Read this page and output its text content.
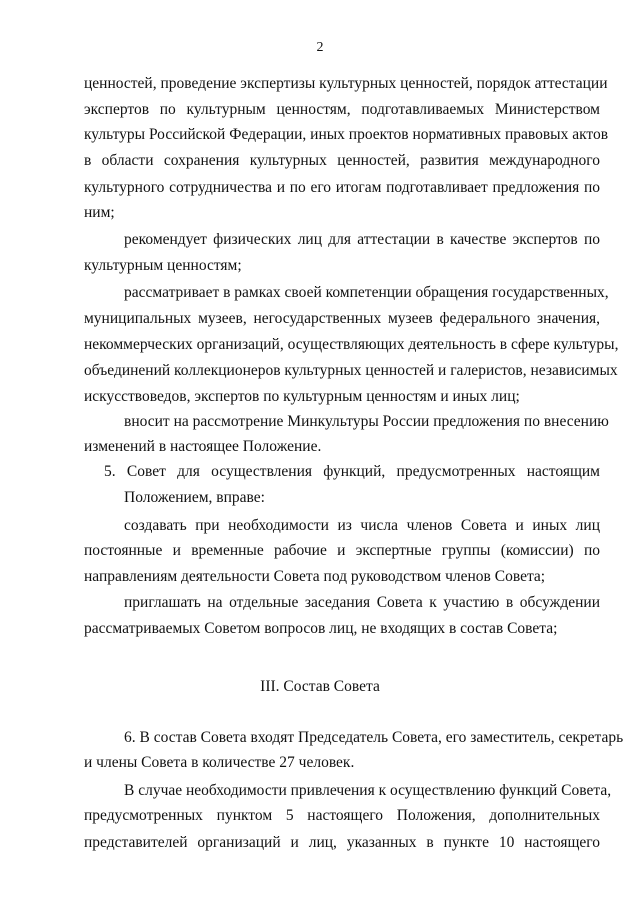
2
ценностей, проведение экспертизы культурных ценностей, порядок аттестации
экспертов по культурным ценностям, подготавливаемых Министерством
культуры Российской Федерации, иных проектов нормативных правовых актов
в области сохранения культурных ценностей, развития международного
культурного сотрудничества и по его итогам подготавливает предложения по
ним;
рекомендует физических лиц для аттестации в качестве экспертов по
культурным ценностям;
рассматривает в рамках своей компетенции обращения государственных,
муниципальных музеев, негосударственных музеев федерального значения,
некоммерческих организаций, осуществляющих деятельность в сфере культуры,
объединений коллекционеров культурных ценностей и галеристов, независимых
искусствоведов, экспертов по культурным ценностям и иных лиц;
вносит на рассмотрение Минкультуры России предложения по внесению
изменений в настоящее Положение.
5. Совет для осуществления функций, предусмотренных настоящим
Положением, вправе:
создавать при необходимости из числа членов Совета и иных лиц
постоянные и временные рабочие и экспертные группы (комиссии) по
направлениям деятельности Совета под руководством членов Совета;
приглашать на отдельные заседания Совета к участию в обсуждении
рассматриваемых Советом вопросов лиц, не входящих в состав Совета;
III. Состав Совета
6. В состав Совета входят Председатель Совета, его заместитель, секретарь
и члены Совета в количестве 27 человек.
В случае необходимости привлечения к осуществлению функций Совета,
предусмотренных пунктом 5 настоящего Положения, дополнительных
представителей организаций и лиц, указанных в пункте 10 настоящего
